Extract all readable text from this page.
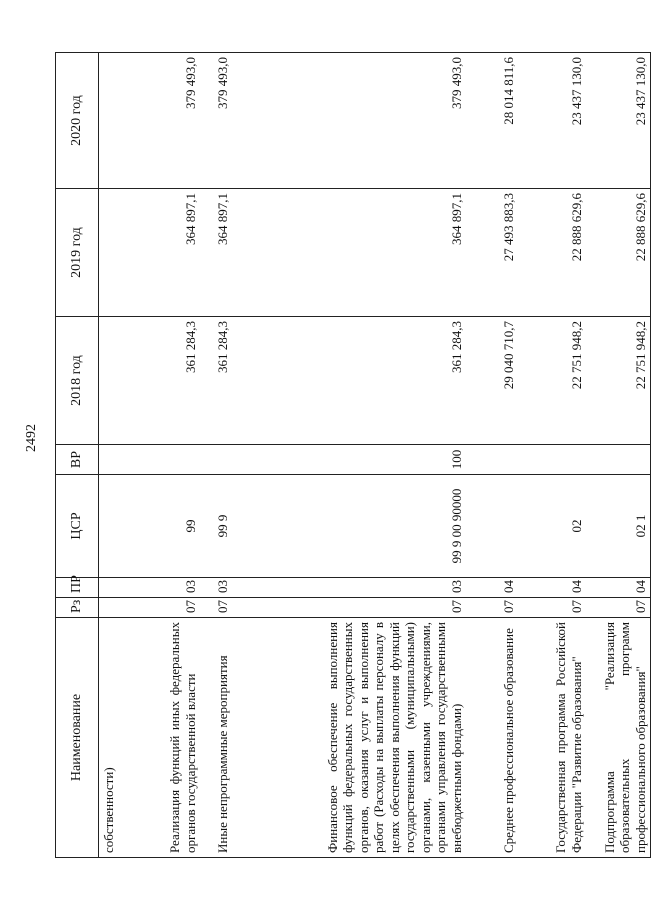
2492
Наименование	Рз	ПР	ЦСР	ВР	2018 год	2019 год	2020 год
собственности)							
Реализация функций иных федеральных органов государственной власти	07	03	99		361 284,3	364 897,1	379 493,0
Иные непрограммные мероприятия	07	03	99 9		361 284,3	364 897,1	379 493,0
Финансовое обеспечение выполнения функций федеральных государственных органов, оказания услуг и выполнения работ (Расходы на выплаты персоналу в целях обеспечения выполнения функций государственными (муниципальными) органами, казенными учреждениями, органами управления государственными внебюджетными фондами)	07	03	99 9 00 90000	100	361 284,3	364 897,1	379 493,0
Среднее профессиональное образование	07	04			29 040 710,7	27 493 883,3	28 014 811,6
Государственная программа Российской Федерации "Развитие образования"	07	04	02		22 751 948,2	22 888 629,6	23 437 130,0
Подпрограмма "Реализация образовательных программ профессионального образования"	07	04	02 1		22 751 948,2	22 888 629,6	23 437 130,0
